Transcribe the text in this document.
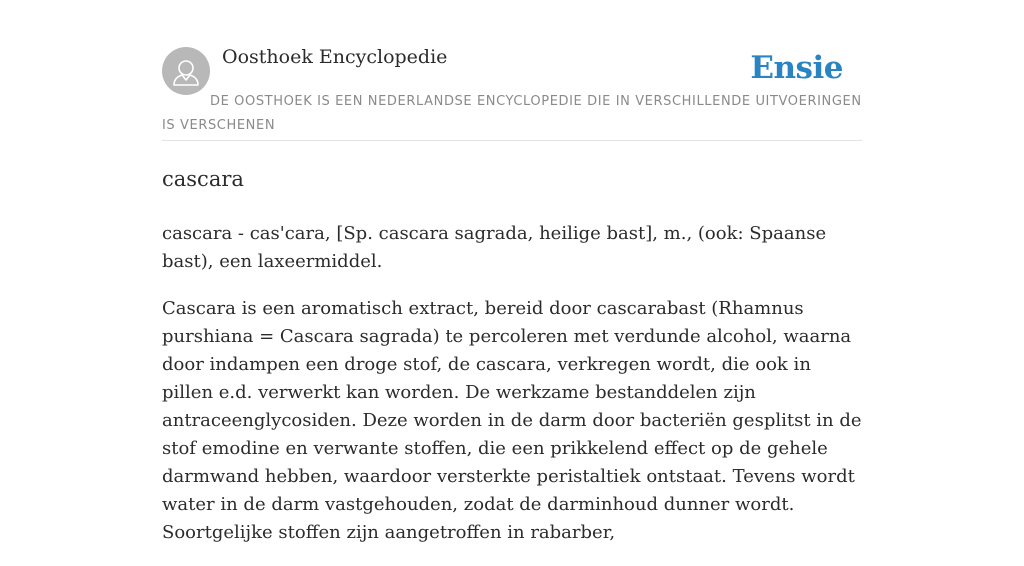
Oosthoek Encyclopedie	Ensie
DE OOSTHOEK IS EEN NEDERLANDSE ENCYCLOPEDIE DIE IN VERSCHILLENDE UITVOERINGEN IS VERSCHENEN
cascara

cascara - cas'cara, [Sp. cascara sagrada, heilige bast], m., (ook: Spaanse bast), een laxeermiddel.

Cascara is een aromatisch extract, bereid door cascarabast (Rhamnus purshiana = Cascara sagrada) te percoleren met verdunde alcohol, waarna door indampen een droge stof, de cascara, verkregen wordt, die ook in pillen e.d. verwerkt kan worden. De werkzame bestanddelen zijn antraceenglycosiden. Deze worden in de darm door bacteriën gesplitst in de stof emodine en verwante stoffen, die een prikkelend effect op de gehele darmwand hebben, waardoor versterkte peristaltiek ontstaat. Tevens wordt water in de darm vastgehouden, zodat de darminhoud dunner wordt. Soortgelijke stoffen zijn aangetroffen in rabarber,
